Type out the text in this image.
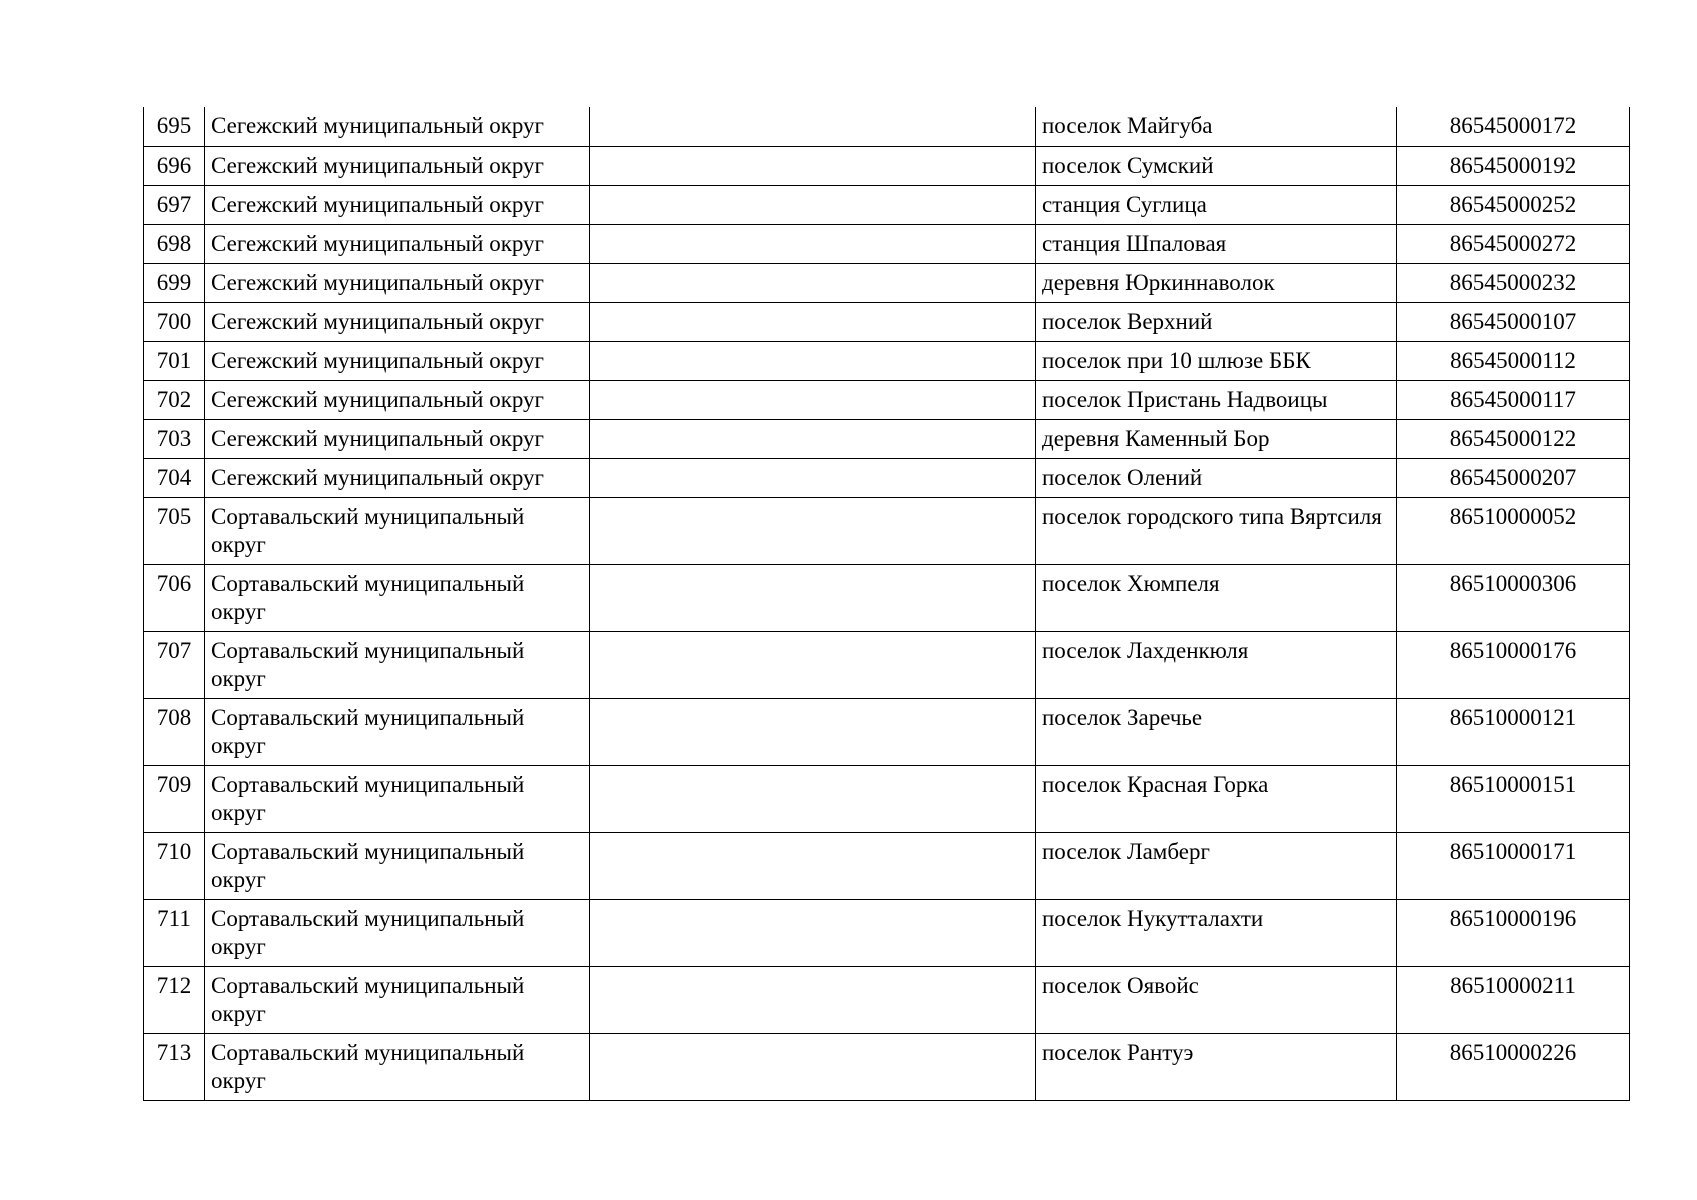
695	Сегежский муниципальный округ		поселок Майгуба	86545000172
696	Сегежский муниципальный округ		поселок Сумский	86545000192
697	Сегежский муниципальный округ		станция Суглица	86545000252
698	Сегежский муниципальный округ		станция Шпаловая	86545000272
699	Сегежский муниципальный округ		деревня Юркиннаволок	86545000232
700	Сегежский муниципальный округ		поселок Верхний	86545000107
701	Сегежский муниципальный округ		поселок при 10 шлюзе ББК	86545000112
702	Сегежский муниципальный округ		поселок Пристань Надвоицы	86545000117
703	Сегежский муниципальный округ		деревня Каменный Бор	86545000122
704	Сегежский муниципальный округ		поселок Олений	86545000207
705	Сортавальский муниципальный округ		поселок городского типа Вяртсиля	86510000052
706	Сортавальский муниципальный округ		поселок Хюмпеля	86510000306
707	Сортавальский муниципальный округ		поселок Лахденкюля	86510000176
708	Сортавальский муниципальный округ		поселок Заречье	86510000121
709	Сортавальский муниципальный округ		поселок Красная Горка	86510000151
710	Сортавальский муниципальный округ		поселок Ламберг	86510000171
711	Сортавальский муниципальный округ		поселок Нукутталахти	86510000196
712	Сортавальский муниципальный округ		поселок Оявойс	86510000211
713	Сортавальский муниципальный округ		поселок Рантуэ	86510000226
